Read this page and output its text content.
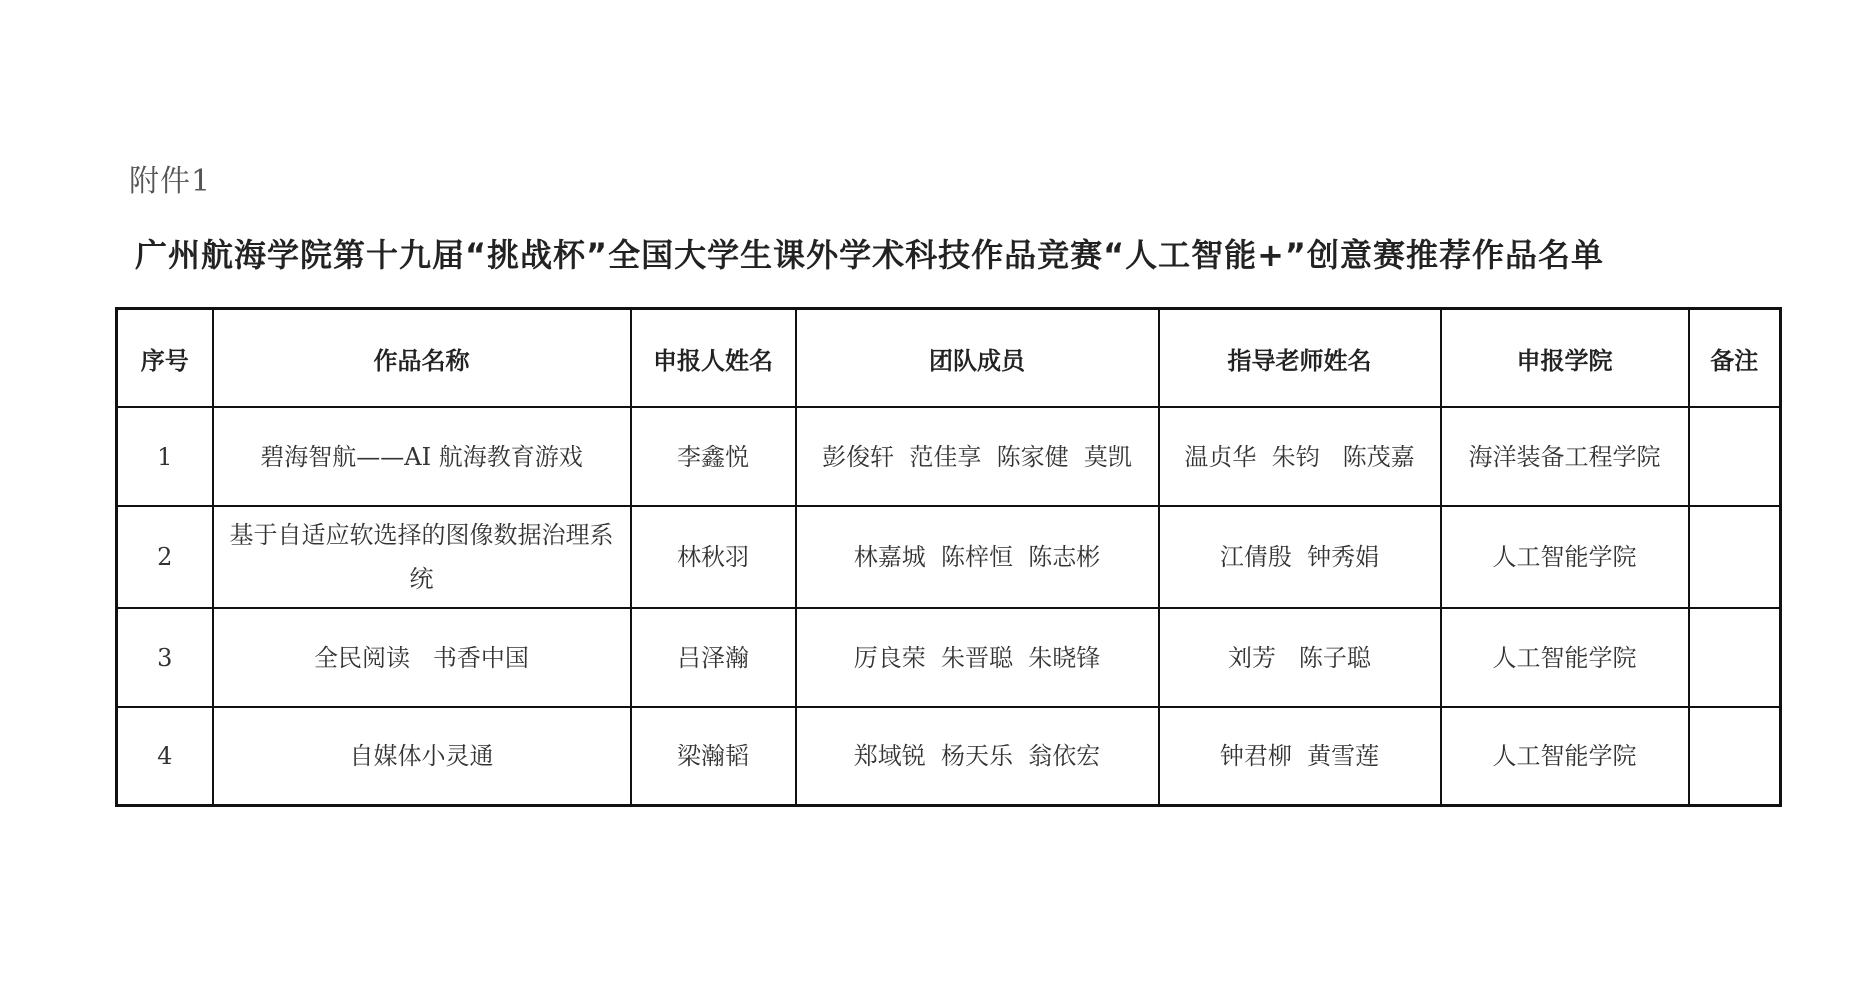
附件1
广州航海学院第十九届“挑战杯”全国大学生课外学术科技作品竞赛“人工智能+”创意赛推荐作品名单
序号	作品名称	申报人姓名	团队成员	指导老师姓名	申报学院	备注
1	碧海智航——AI 航海教育游戏	李鑫悦	彭俊轩  范佳享  陈家健  莫凯	温贞华  朱钧   陈茂嘉	海洋装备工程学院	
2	基于自适应软选择的图像数据治理系统	林秋羽	林嘉城  陈梓恒  陈志彬	江倩殷  钟秀娟	人工智能学院	
3	全民阅读   书香中国	吕泽瀚	厉良荣  朱晋聪  朱晓锋	刘芳   陈子聪	人工智能学院	
4	自媒体小灵通	梁瀚韬	郑域锐  杨天乐  翁依宏	钟君柳  黄雪莲	人工智能学院	
